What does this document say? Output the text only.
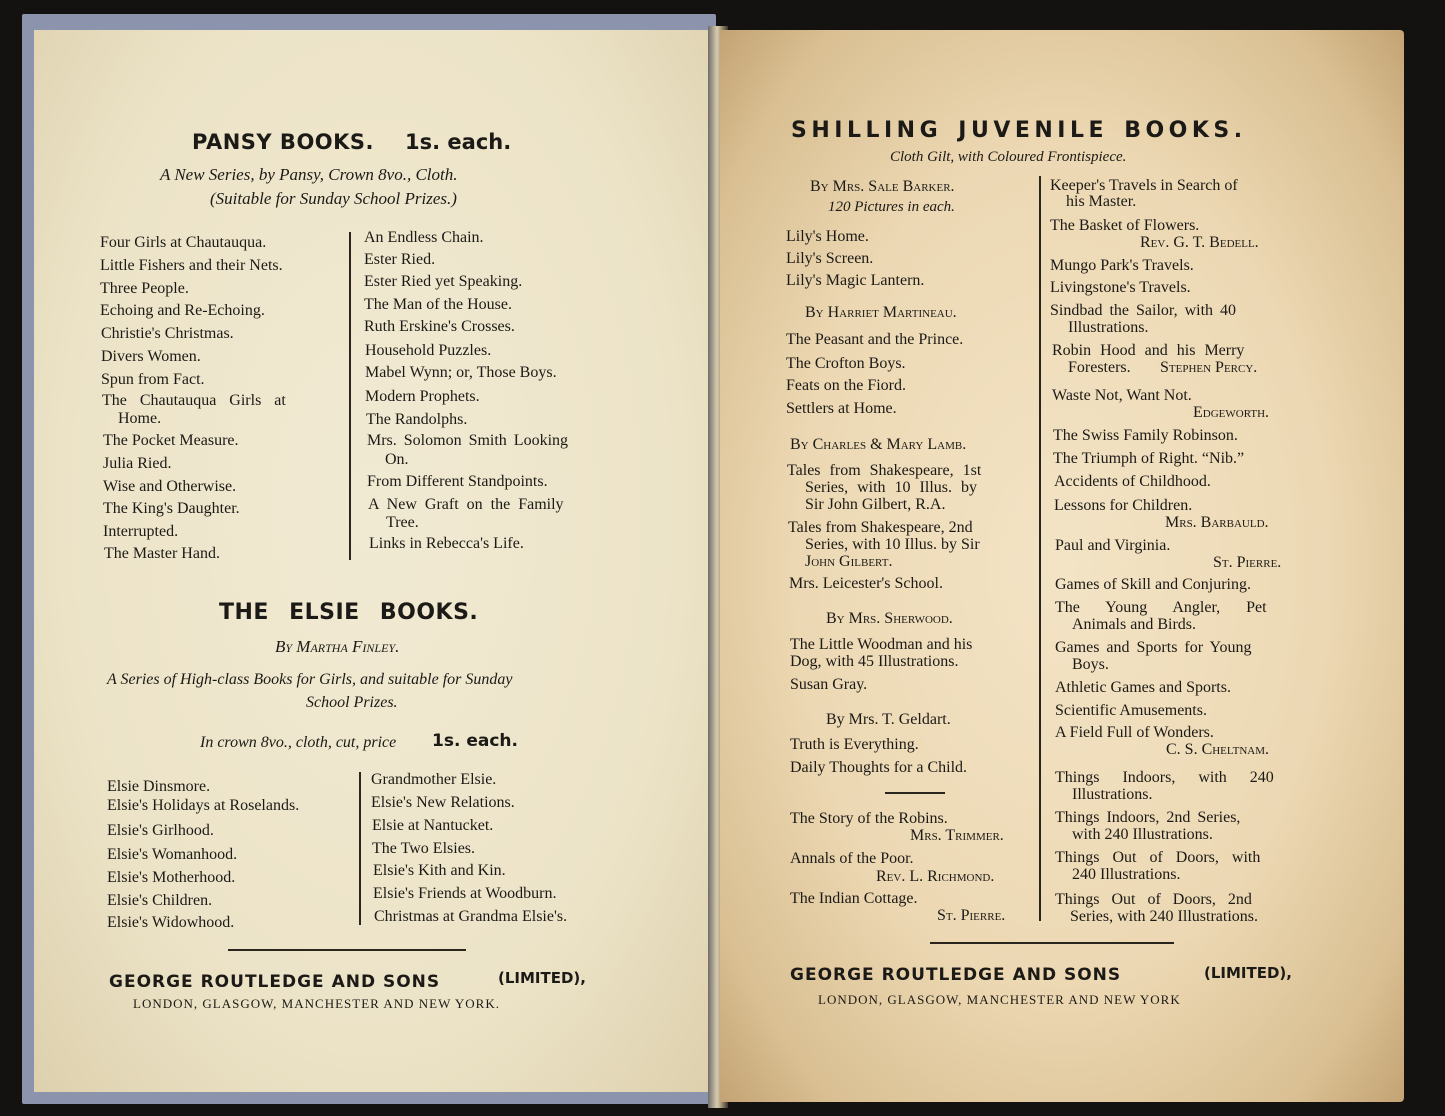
PANSY BOOKS. 1s. each.
A New Series, by Pansy, Crown 8vo., Cloth.
(Suitable for Sunday School Prizes.)
Four Girls at Chautauqua.
Little Fishers and their Nets.
Three People.
Echoing and Re-Echoing.
Christie's Christmas.
Divers Women.
Spun from Fact.
The Chautauqua Girls at
Home.
The Pocket Measure.
Julia Ried.
Wise and Otherwise.
The King's Daughter.
Interrupted.
The Master Hand.
An Endless Chain.
Ester Ried.
Ester Ried yet Speaking.
The Man of the House.
Ruth Erskine's Crosses.
Household Puzzles.
Mabel Wynn; or, Those Boys.
Modern Prophets.
The Randolphs.
Mrs. Solomon Smith Looking
On.
From Different Standpoints.
A New Graft on the Family
Tree.
Links in Rebecca's Life.
THE ELSIE BOOKS.
By Martha Finley.
A Series of High-class Books for Girls, and suitable for Sunday
School Prizes.
In crown 8vo., cloth, cut, price 1s. each.
Elsie Dinsmore.
Elsie's Holidays at Roselands.
Elsie's Girlhood.
Elsie's Womanhood.
Elsie's Motherhood.
Elsie's Children.
Elsie's Widowhood.
Grandmother Elsie.
Elsie's New Relations.
Elsie at Nantucket.
The Two Elsies.
Elsie's Kith and Kin.
Elsie's Friends at Woodburn.
Christmas at Grandma Elsie's.
GEORGE ROUTLEDGE AND SONS	(LIMITED),
LONDON, GLASGOW, MANCHESTER AND NEW YORK.
SHILLING JUVENILE BOOKS.
Cloth Gilt, with Coloured Frontispiece.
By Mrs. Sale Barker.
120 Pictures in each.
Lily's Home.
Lily's Screen.
Lily's Magic Lantern.
By Harriet Martineau.
The Peasant and the Prince.
The Crofton Boys.
Feats on the Fiord.
Settlers at Home.
By Charles & Mary Lamb.
Tales from Shakespeare, 1st
Series, with 10 Illus. by
Sir John Gilbert, R.A.
Tales from Shakespeare, 2nd
Series, with 10 Illus. by Sir
John Gilbert.
Mrs. Leicester's School.
By Mrs. Sherwood.
The Little Woodman and his
Dog, with 45 Illustrations.
Susan Gray.
By Mrs. T. Geldart.
Truth is Everything.
Daily Thoughts for a Child.
The Story of the Robins.
Mrs. Trimmer.
Annals of the Poor.
Rev. L. Richmond.
The Indian Cottage.
St. Pierre.
Keeper's Travels in Search of
his Master.
The Basket of Flowers.
Rev. G. T. Bedell.
Mungo Park's Travels.
Livingstone's Travels.
Sindbad the Sailor, with 40
Illustrations.
Robin Hood and his Merry
Foresters. Stephen Percy.
Waste Not, Want Not.
Edgeworth.
The Swiss Family Robinson.
The Triumph of Right. “Nib.”
Accidents of Childhood.
Lessons for Children.
Mrs. Barbauld.
Paul and Virginia.
St. Pierre.
Games of Skill and Conjuring.
The Young Angler, Pet
Animals and Birds.
Games and Sports for Young
Boys.
Athletic Games and Sports.
Scientific Amusements.
A Field Full of Wonders.
C. S. Cheltnam.
Things Indoors, with 240
Illustrations.
Things Indoors, 2nd Series,
with 240 Illustrations.
Things Out of Doors, with
240 Illustrations.
Things Out of Doors, 2nd
Series, with 240 Illustrations.
GEORGE ROUTLEDGE AND SONS	(LIMITED),
LONDON, GLASGOW, MANCHESTER AND NEW YORK
